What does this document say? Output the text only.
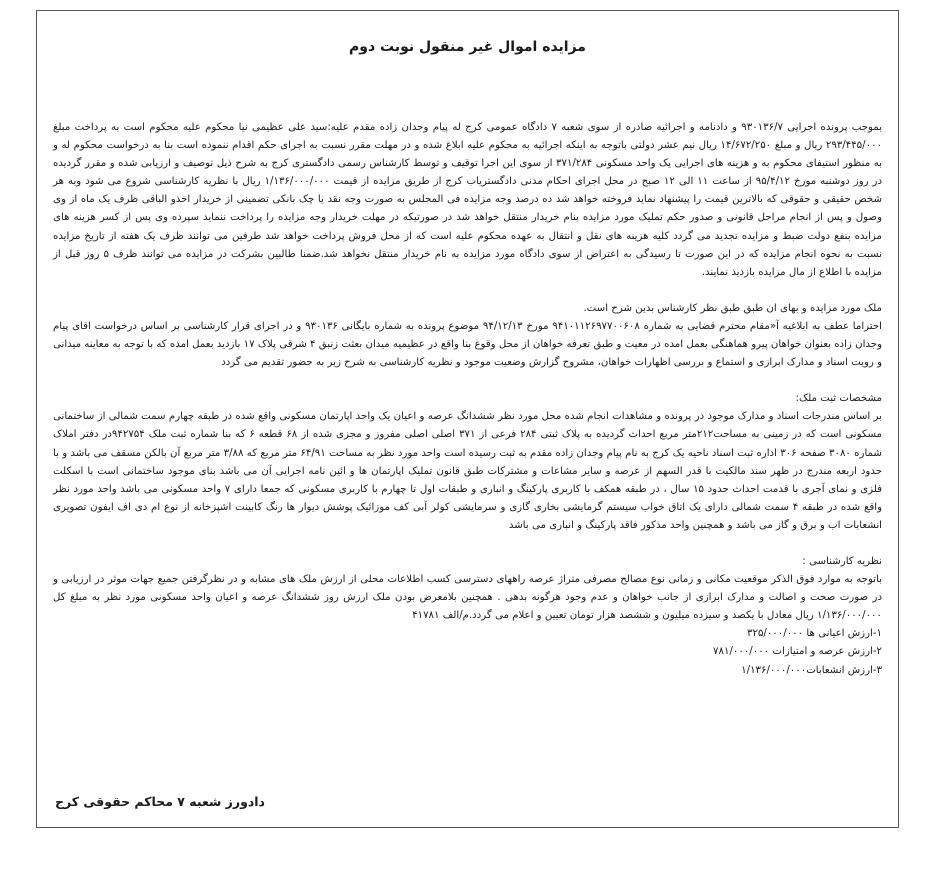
مزایده اموال غیر منقول نوبت دوم

بموجب پرونده اجرایی ۹۳۰۱۳۶/۷ و دادنامه و اجرائیه صادره از سوی شعبه ۷ دادگاه عمومی کرج له پیام وجدان زاده مقدم علیه:سید علی عظیمی نیا محکوم علیه محکوم است به پرداخت مبلغ ۲۹۳/۴۴۵/۰۰۰ ریال و مبلغ ۱۴/۶۷۲/۲۵۰ ریال نیم عشر دولتی باتوجه به اینکه اجرائیه به محکوم علیه ابلاغ شده و در مهلت مقرر نسبت به اجرای حکم اقدام ننموده است بنا به درخواست محکوم له و به منظور استیفای محکوم به و هزینه های اجرایی یک واحد مسکونی ۳۷۱/۲۸۴ از سوی این اجرا توقیف و توسط کارشناس رسمی دادگستری کرج به شرح ذیل توصیف و ارزیابی شده و مقرر گردیده در روز دوشنبه مورخ ۹۵/۴/۱۲ از ساعت ۱۱ الی ۱۲ صبح در محل اجرای احکام مدنی دادگستریاب کرج از طریق مزایده از قیمت ۱/۱۳۶/۰۰۰/۰۰۰ ریال با نظریه کارشناسی شروع می شود وبه هر شخص حقیقی و حقوقی که بالاترین قیمت را پیشنهاد نماید فروخته خواهد شد ده درصد وجه مزایده فی المجلس به صورت وجه نقد یا چک بانکی تضمینی از خریدار اخذو الباقی ظرف یک ماه از وی وصول و پس از انجام مراحل قانونی و صدور حکم تملیک مورد مزایده بنام خریدار منتقل خواهد شد در صورتیکه در مهلت خریدار وجه مزایده را پرداخت ننماید سپرده وی پس از کسر هزینه های مزایده بنفع دولت ضبط و مزایده تجدید می گردد کلیه هزینه های نقل و انتقال به عهده محکوم علیه است که از محل فروش پرداخت خواهد شد طرفین می توانند ظرف یک هفته از تاریخ مزایده نسبت به نحوه انجام مزایده که در این صورت تا رسیدگی به اعتراض از سوی دادگاه مورد مزایده به نام خریدار منتقل نخواهد شد.ضمنا طالبین بشرکت در مزایده می توانند ظرف ۵ روز قبل از مزایده با اطلاع از مال مزایده بازدید نمایند.

ملک مورد مزایده و بهای ان طبق طبق نظر کارشناس بدین شرح است.

احتراما عطف به ابلاغیه آ«مقام محترم قضایی به شماره ۹۴۱۰۱۱۲۶۹۷۷۰۰۶۰۸ مورخ ۹۴/۱۲/۱۳ موضوع پرونده به شماره بایگانی ۹۳۰۱۳۶ و در اجرای قرار کارشناسی بر اساس درخواست اقای پیام وجدان زاده بعنوان خواهان پیرو هماهنگی بعمل امده در معیت و طبق تعرفه خواهان از محل وقوع بنا واقع در عظیمیه میدان بعثت زنبق ۴ شرقی پلاک ۱۷ بازدید بعمل امده که با توجه به معاینه میدانی و رویت اسناد و مدارک ابرازی و استماع و بررسی اظهارات خواهان، مشروح گزارش وضعیت موجود و نظریه کارشناسی به شرح زیر به حضور تقدیم می گردد

مشخصات ثبت ملک:

بر اساس مندرجات اسناد و مدارک موجود در پرونده و مشاهدات انجام شده محل مورد نظر ششدانگ عرصه و اعیان یک واحد اپارتمان مسکونی واقع شده در طبقه چهارم سمت شمالی از ساختمانی مسکونی است که در زمینی به مساحت۲۱۲متر مربع احداث گردیده به پلاک ثبتی ۲۸۴ فرعی از ۳۷۱ اصلی اصلی مفروز و مجزی شده از ۶۸ قطعه ۶ که بنا شماره ثبت ملک ۹۴۲۷۵۴در دفتر املاک شماره ۳۰۸۰ صفحه ۳۰۶ اداره ثبت اسناد ناحیه یک کرج به نام پیام وجدان زاده مقدم به ثبت رسیده است واحد مورد نظر به مساحت ۶۴/۹۱ متر مربع که ۳/۸۸ متر مربع آن بالکن مسقف می باشد و با حدود اربعه مندرج در ظهر سند مالکیت با قدر السهم از عرصه و سایر مشاعات و مشترکات طبق قانون تملیک اپارتمان ها و ائین نامه اجرایی آن می باشد بنای موجود ساختمانی است با اسکلت فلزی و نمای آجری با قدمت احداث حدود ۱۵ سال ، در طبقه همکف با کاربری پارکینگ و انباری و طبقات اول تا چهارم با کاربری مسکونی که جمعا دارای ۷ واحد مسکونی می باشد واحد مورد نظر واقع شده در طبقه ۴ سمت شمالی دارای یک اتاق خواب سیستم گرمایشی بخاری گازی و سرمایشی کولر آبی کف موزائیک پوشش دیوار ها رنگ کابینت اشپزخانه از نوع ام دی اف ایفون تصویری انشعابات اب و برق و گاز می باشد و همچنین واحد مذکور فاقد پارکینگ و انباری می باشد

نظریه کارشناسی :

باتوجه به موارد فوق الذکر موقعیت مکانی و زمانی نوع مصالح مصرفی متراژ عرصه راههای دسترسی کسب اطلاعات محلی از ارزش ملک های مشابه و در نظرگرفتن جمیع جهات موثر در ارزیابی و در صورت صحت و اصالت و مدارک ابرازی از جانب خواهان و عدم وجود هرگونه بدهی . همچنین بلامعرض بودن ملک ارزش روز ششدانگ عرصه و اعیان واحد مسکونی مورد نظر به مبلغ کل ۱/۱۳۶/۰۰۰/۰۰۰ ریال معادل با یکصد و سیزده میلیون و ششصد هزار تومان تعیین و اعلام می گردد.م/الف ۴۱۷۸۱

۱-ارزش اعیانی ها ۳۲۵/۰۰۰/۰۰۰

۲-ارزش عرصه و امتیازات ۷۸۱/۰۰۰/۰۰۰

۳-ارزش انشعابات۱/۱۳۶/۰۰۰/۰۰۰

دادورز شعبه ۷ محاکم حقوقی کرج
